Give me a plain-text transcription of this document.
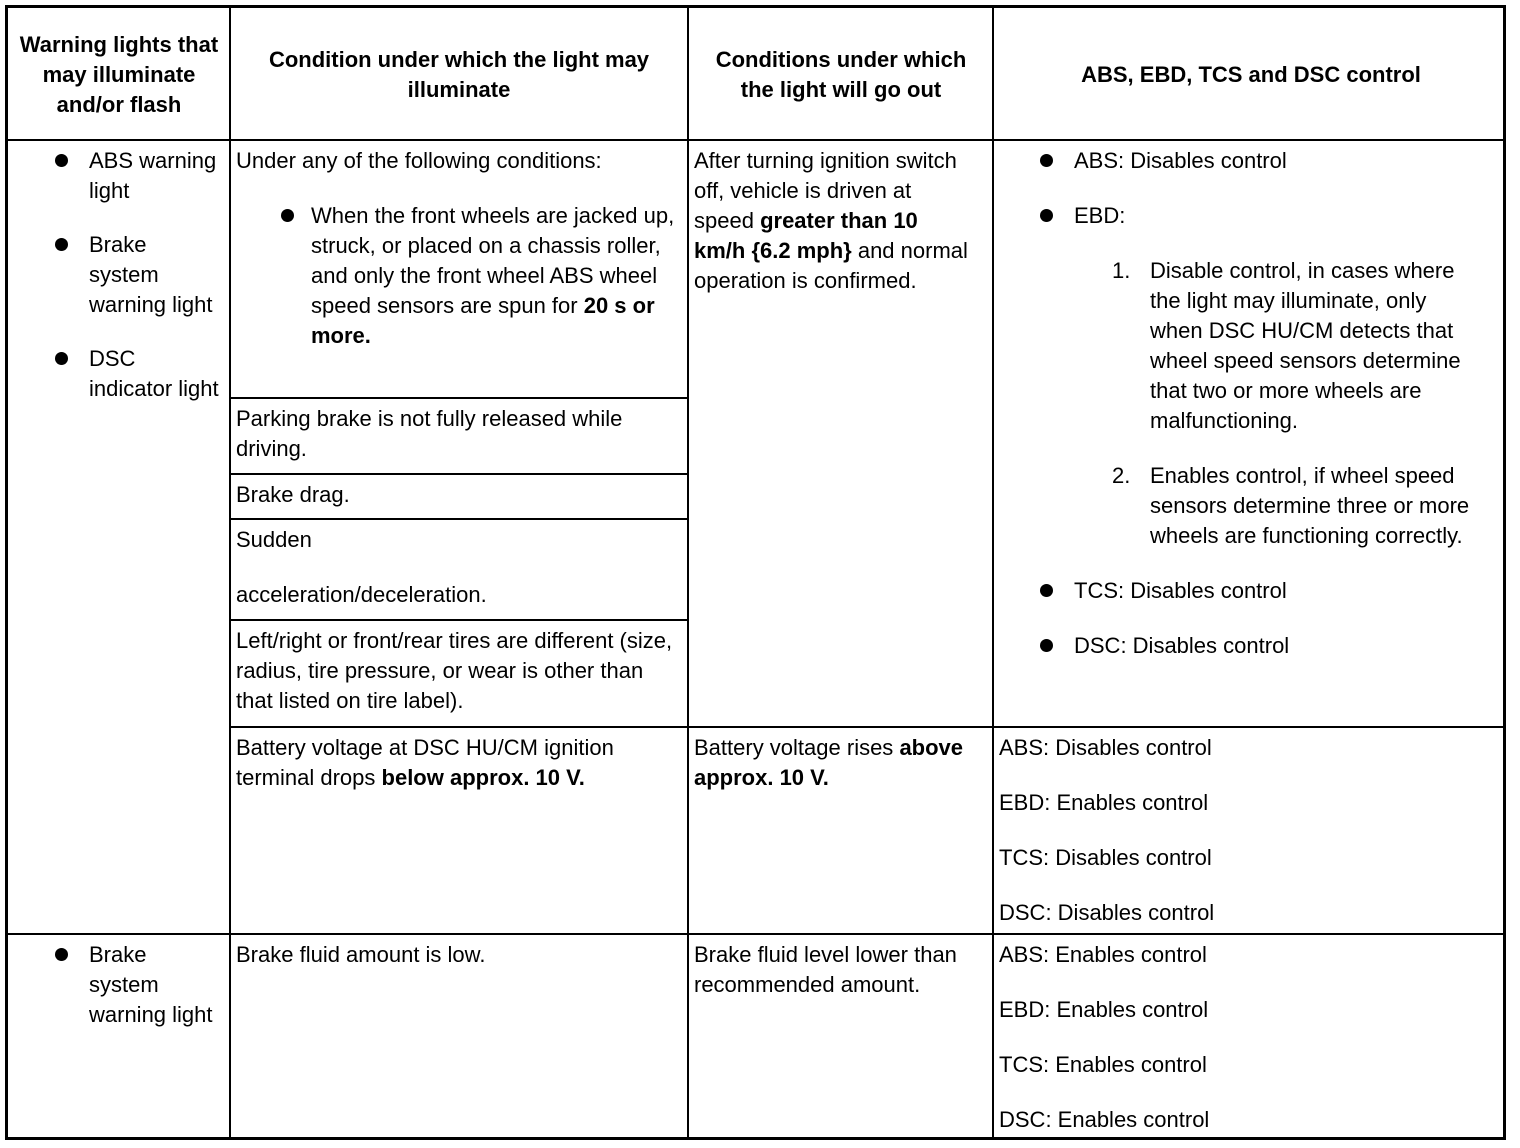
Warning lights that may illuminate and/or flash
Condition under which the light may illuminate
Conditions under which the light will go out
ABS, EBD, TCS and DSC control
ABS warning light
Brake system warning light
DSC indicator light

Under any of the following conditions:

When the front wheels are jacked up, struck, or placed on a chassis roller, and only the front wheel ABS wheel speed sensors are spun for 20 s or more.

Parking brake is not fully released while driving.

Brake drag.

Sudden

acceleration/deceleration.

Left/right or front/rear tires are different (size, radius, tire pressure, or wear is other than that listed on tire label).

Battery voltage at DSC HU/CM ignition terminal drops below approx. 10 V.

After turning ignition switch off, vehicle is driven at speed greater than 10 km/h {6.2 mph} and normal operation is confirmed.

Battery voltage rises above approx. 10 V.

ABS: Disables control
EBD:
1. Disable control, in cases where the light may illuminate, only when DSC HU/CM detects that wheel speed sensors determine that two or more wheels are malfunctioning.
2. Enables control, if wheel speed sensors determine three or more wheels are functioning correctly.
TCS: Disables control
DSC: Disables control

ABS: Disables control

EBD: Enables control

TCS: Disables control

DSC: Disables control

Brake system warning light

Brake fluid amount is low.	Brake fluid level lower than recommended amount.

ABS: Enables control

EBD: Enables control

TCS: Enables control

DSC: Enables control
